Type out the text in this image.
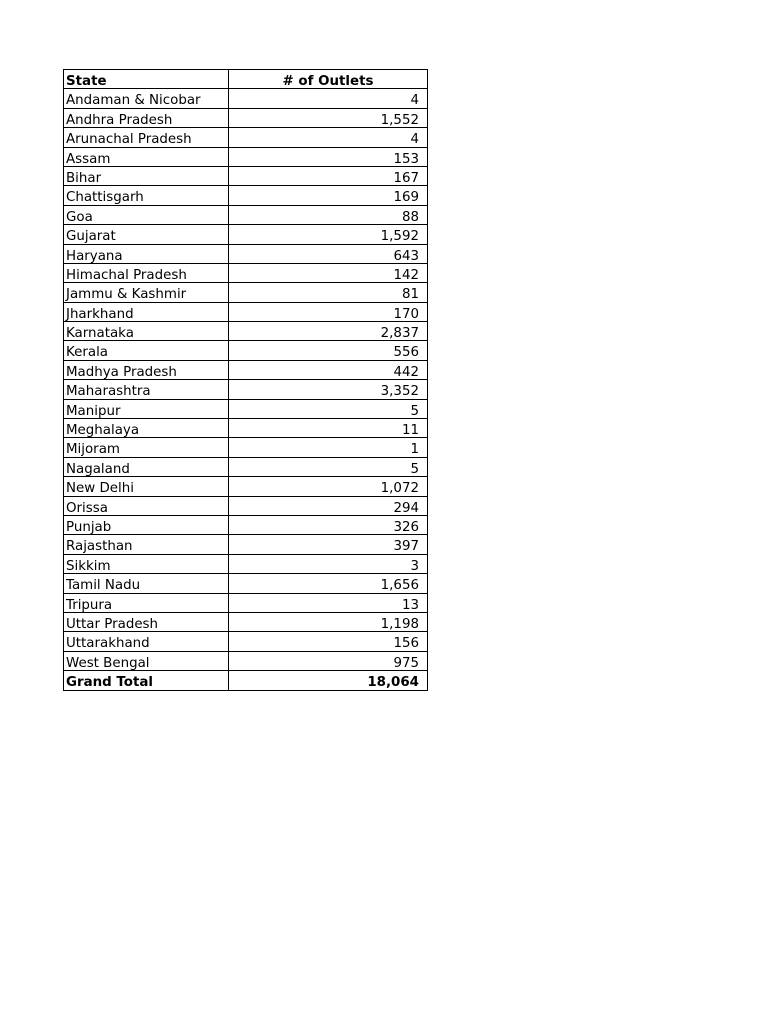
State	# of Outlets
Andaman & Nicobar	4
Andhra Pradesh	1,552
Arunachal Pradesh	4
Assam	153
Bihar	167
Chattisgarh	169
Goa	88
Gujarat	1,592
Haryana	643
Himachal Pradesh	142
Jammu & Kashmir	81
Jharkhand	170
Karnataka	2,837
Kerala	556
Madhya Pradesh	442
Maharashtra	3,352
Manipur	5
Meghalaya	11
Mijoram	1
Nagaland	5
New Delhi	1,072
Orissa	294
Punjab	326
Rajasthan	397
Sikkim	3
Tamil Nadu	1,656
Tripura	13
Uttar Pradesh	1,198
Uttarakhand	156
West Bengal	975
Grand Total	18,064
